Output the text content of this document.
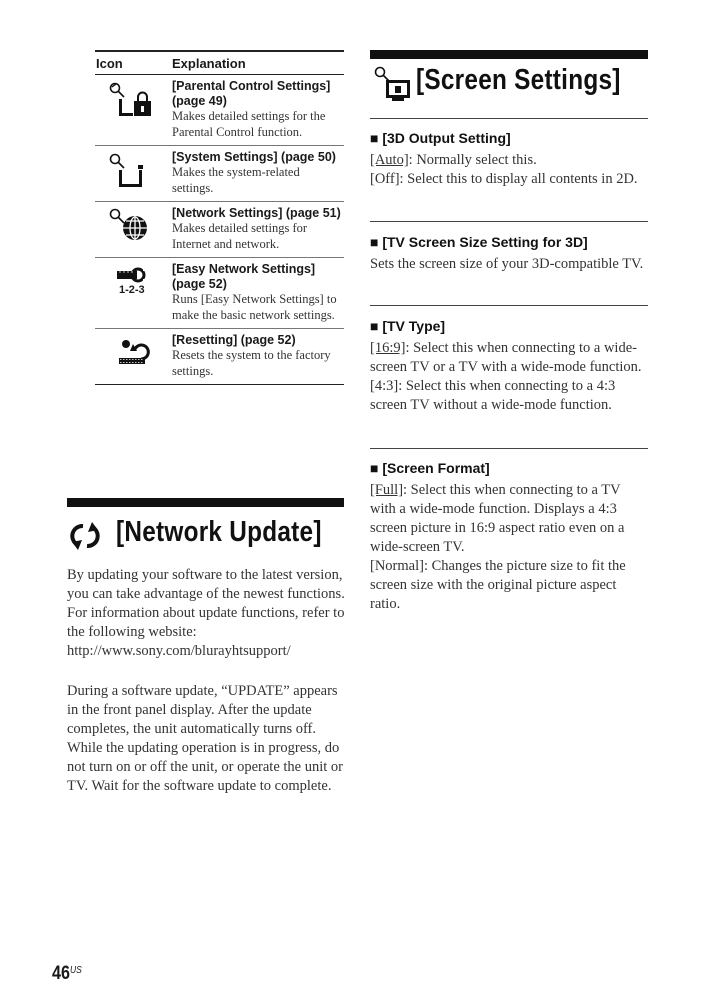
Icon	Explanation
[Parental Control Settings] (page 49)
Makes detailed settings for the Parental Control function.
[System Settings] (page 50)
Makes the system-related settings.
[Network Settings] (page 51)
Makes detailed settings for Internet and network.
1-2-3
[Easy Network Settings] (page 52)
Runs [Easy Network Settings] to make the basic network settings.
[Resetting] (page 52)
Resets the system to the factory settings.
[Network Update]

By updating your software to the latest version, you can take advantage of the newest functions.

For information about update functions, refer to the following website:

http://www.sony.com/blurayhtsupport/

During a software update, “UPDATE” appears in the front panel display. After the update completes, the unit automatically turns off.

While the updating operation is in progress, do not turn on or off the unit, or operate the unit or TV. Wait for the software update to complete.

[Screen Settings]
■ [3D Output Setting]

[Auto]: Normally select this.

[Off]: Select this to display all contents in 2D.

■ [TV Screen Size Setting for 3D]

Sets the screen size of your 3D-compatible TV.

■ [TV Type]

[16:9]: Select this when connecting to a wide-screen TV or a TV with a wide-mode function.

[4:3]: Select this when connecting to a 4:3 screen TV without a wide-mode function.

■ [Screen Format]

[Full]: Select this when connecting to a TV with a wide-mode function. Displays a 4:3 screen picture in 16:9 aspect ratio even on a wide-screen TV.

[Normal]: Changes the picture size to fit the screen size with the original picture aspect ratio.

$46^{US}$
